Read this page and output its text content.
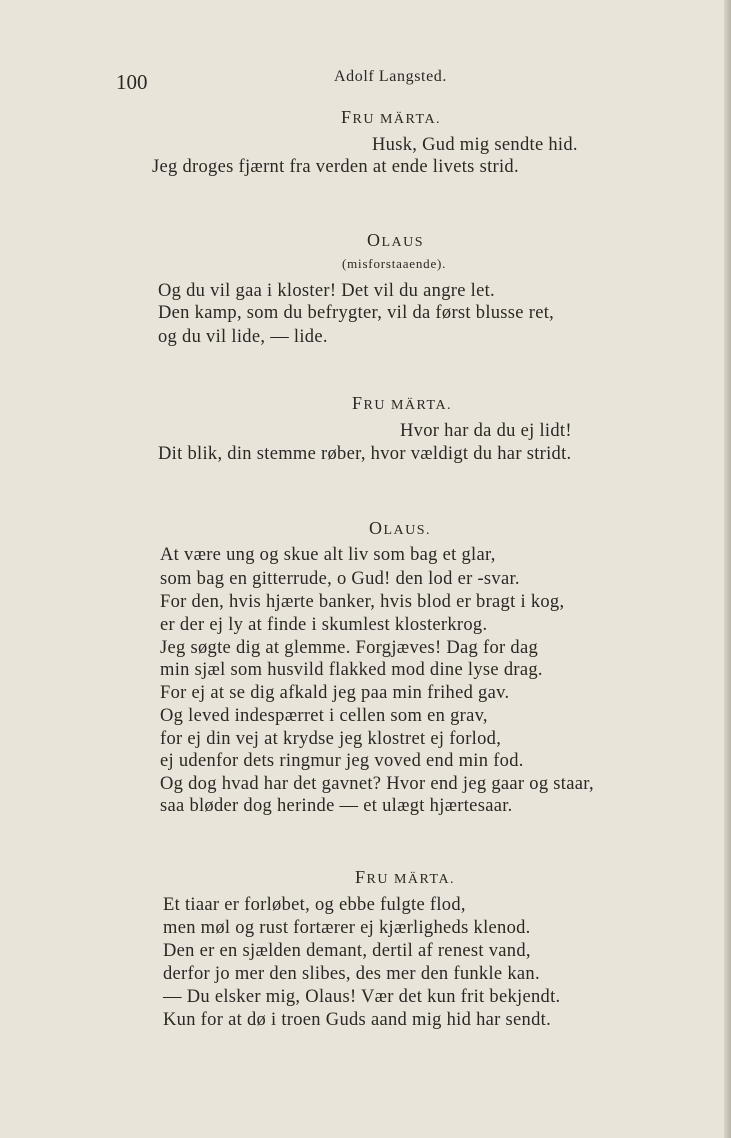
100	Adolf Langsted.
FRU MÄRTA.
Husk, Gud mig sendte hid.
Jeg droges fjærnt fra verden at ende livets strid.
OLAUS
(misforstaaende).
Og du vil gaa i kloster! Det vil du angre let.
Den kamp, som du befrygter, vil da først blusse ret,
og du vil lide, — lide.
FRU MÄRTA.
Hvor har da du ej lidt!
Dit blik, din stemme røber, hvor vældigt du har stridt.
OLAUS.
At være ung og skue alt liv som bag et glar,
som bag en gitterrude, o Gud! den lod er -svar.
For den, hvis hjærte banker, hvis blod er bragt i kog,
er der ej ly at finde i skumlest klosterkrog.
Jeg søgte dig at glemme. Forgjæves! Dag for dag
min sjæl som husvild flakked mod dine lyse drag.
For ej at se dig afkald jeg paa min frihed gav.
Og leved indespærret i cellen som en grav,
for ej din vej at krydse jeg klostret ej forlod,
ej udenfor dets ringmur jeg voved end min fod.
Og dog hvad har det gavnet? Hvor end jeg gaar og staar,
saa bløder dog herinde — et ulægt hjærtesaar.
FRU MÄRTA.
Et tiaar er forløbet, og ebbe fulgte flod,
men møl og rust fortærer ej kjærligheds klenod.
Den er en sjælden demant, dertil af renest vand,
derfor jo mer den slibes, des mer den funkle kan.
— Du elsker mig, Olaus! Vær det kun frit bekjendt.
Kun for at dø i troen Guds aand mig hid har sendt.
